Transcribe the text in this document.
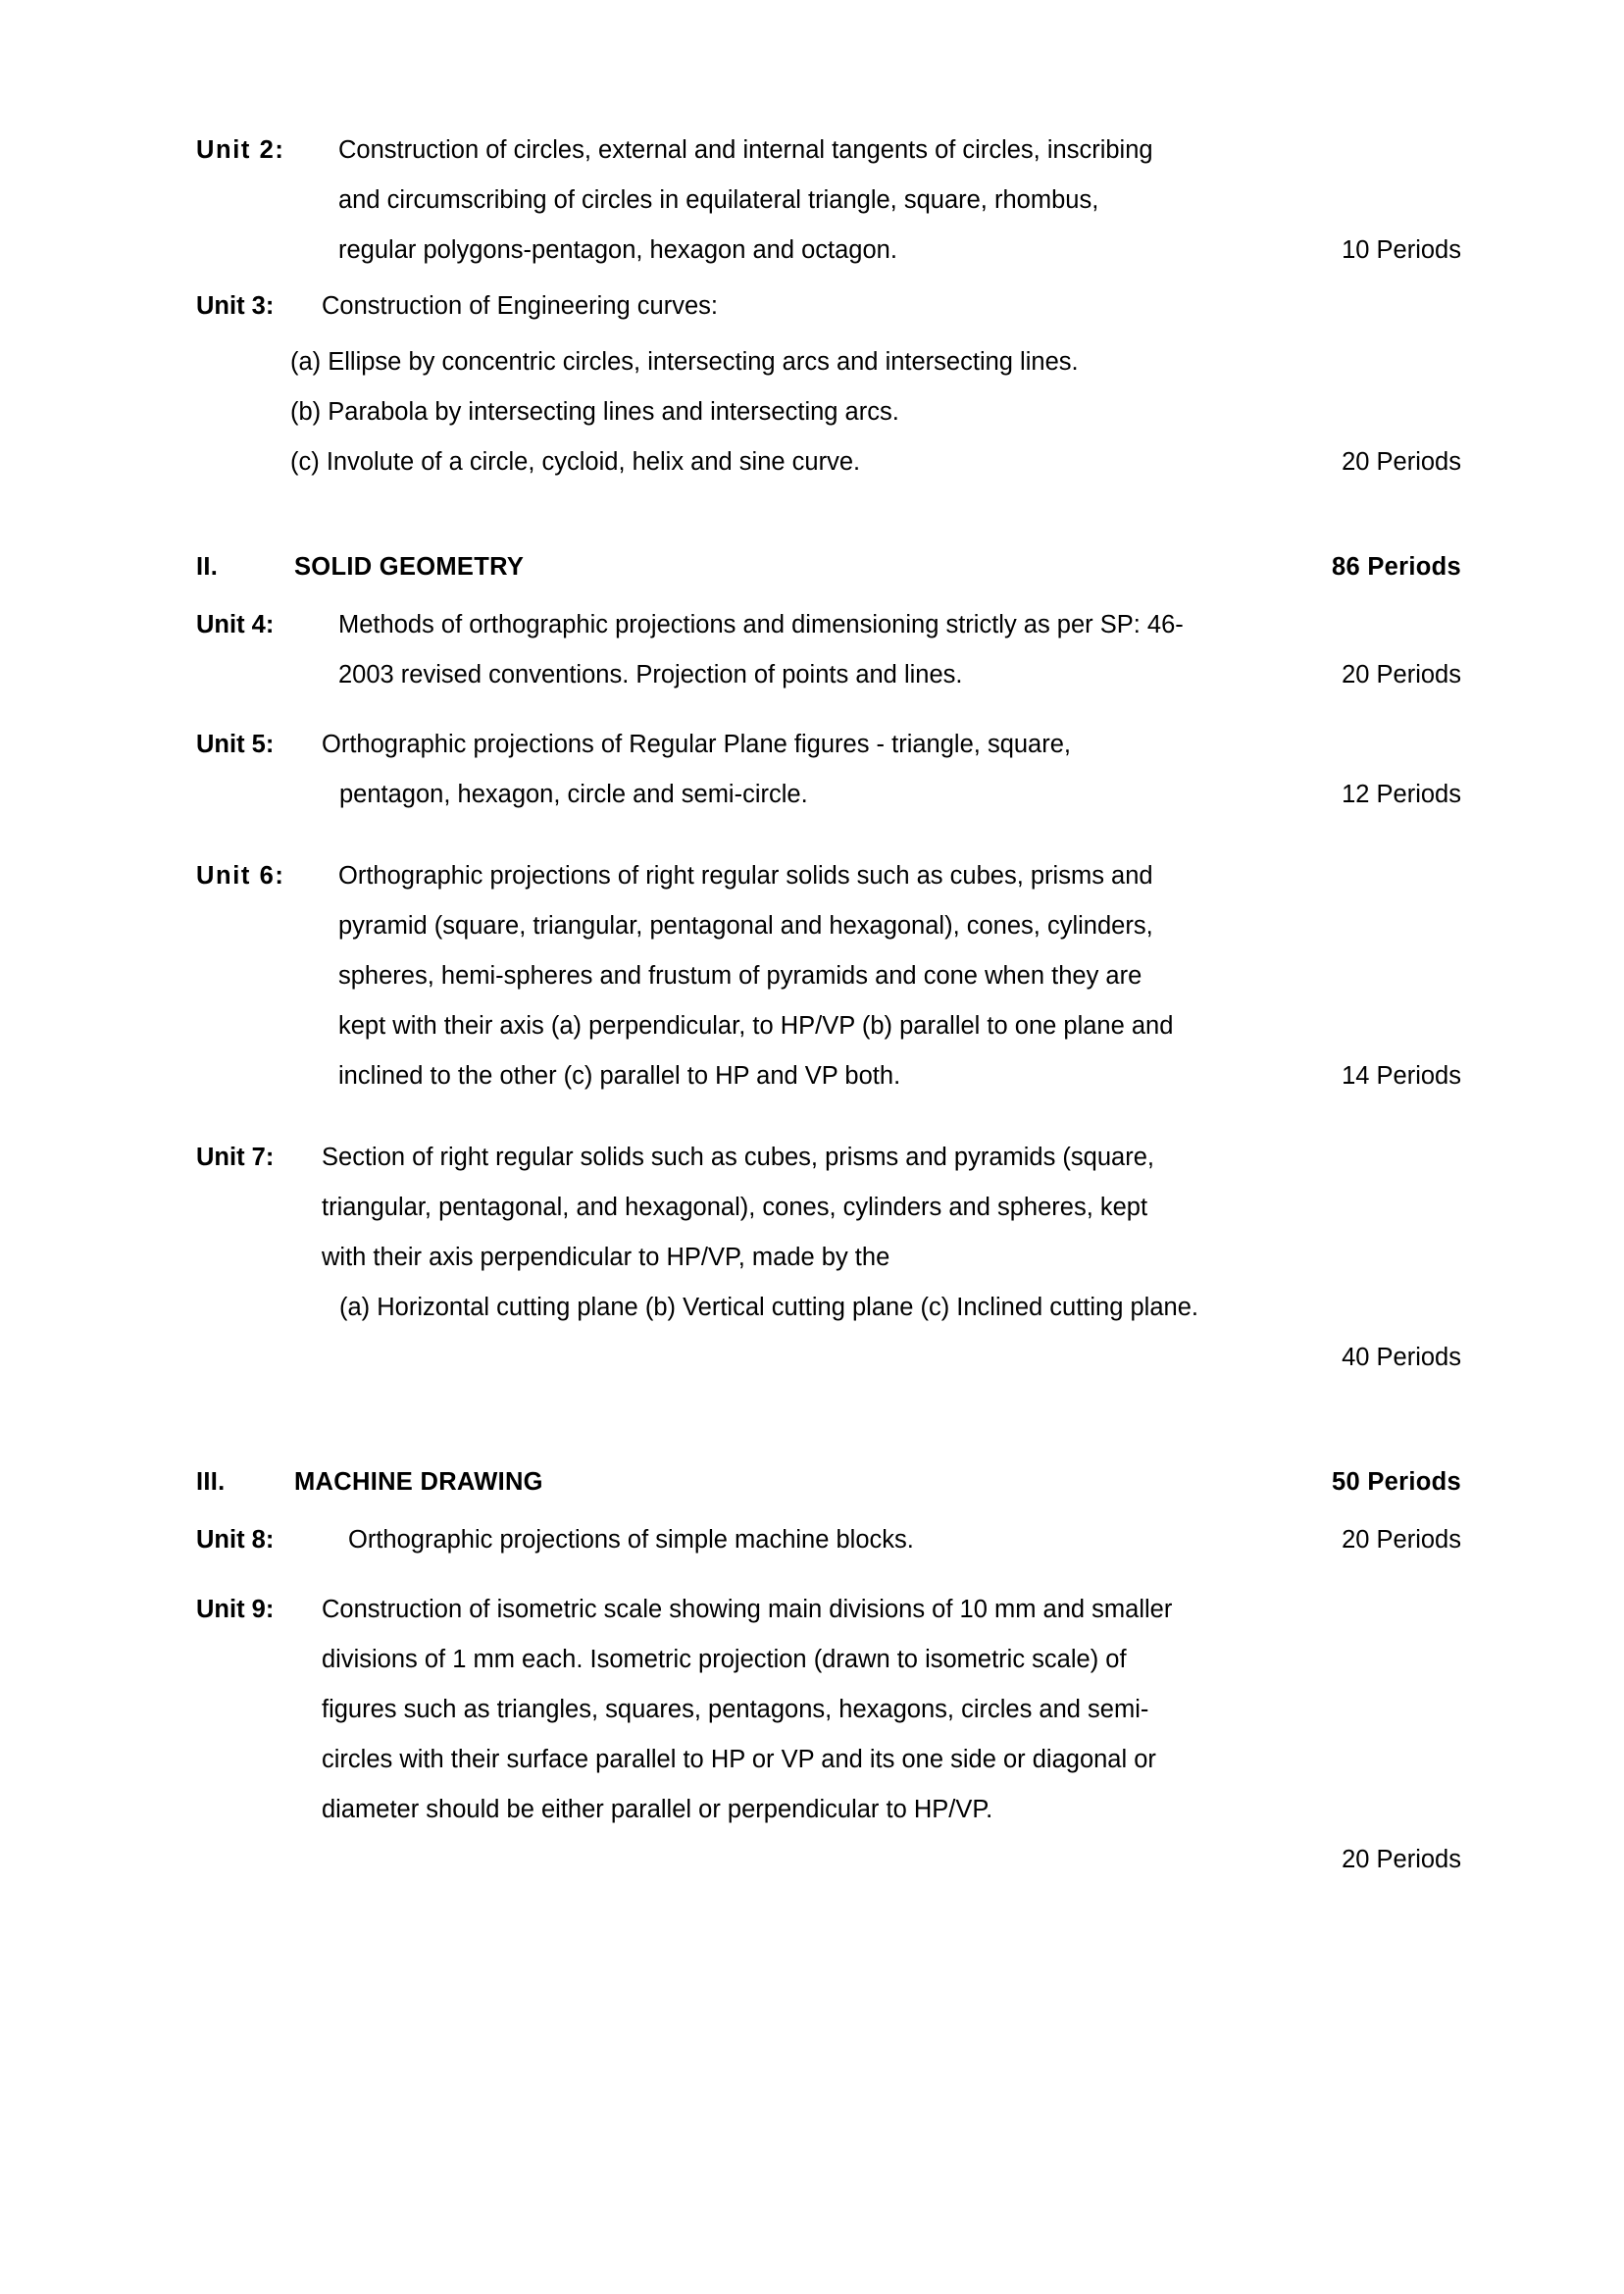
Unit 2:	Construction of circles, external and internal tangents of circles, inscribing
and circumscribing of circles in equilateral triangle, square, rhombus,
regular polygons-pentagon, hexagon and octagon.	10 Periods
Unit 3:	Construction of Engineering curves:
(a) Ellipse by concentric circles, intersecting arcs and intersecting lines.
(b) Parabola by intersecting lines and intersecting arcs.
(c) Involute of a circle, cycloid, helix and sine curve.	20 Periods
II.	SOLID GEOMETRY	86 Periods
Unit 4:	Methods of orthographic projections and dimensioning strictly as per SP: 46-
2003 revised conventions. Projection of points and lines.	20 Periods
Unit 5:	Orthographic projections of Regular Plane figures - triangle, square,
pentagon, hexagon, circle and semi-circle.	12 Periods
Unit 6:	Orthographic projections of right regular solids such as cubes, prisms and
pyramid (square, triangular, pentagonal and hexagonal), cones, cylinders,
spheres, hemi-spheres and frustum of pyramids and cone when they are
kept with their axis (a) perpendicular, to HP/VP (b) parallel to one plane and
inclined to the other (c) parallel to HP and VP both.	14 Periods
Unit 7:	Section of right regular solids such as cubes, prisms and pyramids (square,
triangular, pentagonal, and hexagonal), cones, cylinders and spheres, kept
with their axis perpendicular to HP/VP, made by the
(a) Horizontal cutting plane (b) Vertical cutting plane (c) Inclined cutting plane.
40 Periods
III.	MACHINE DRAWING	50 Periods
Unit 8:	Orthographic projections of simple machine blocks.	20 Periods
Unit 9:	Construction of isometric scale showing main divisions of 10 mm and smaller
divisions of 1 mm each. Isometric projection (drawn to isometric scale) of
figures such as triangles, squares, pentagons, hexagons, circles and semi-
circles with their surface parallel to HP or VP and its one side or diagonal or
diameter should be either parallel or perpendicular to HP/VP.
20 Periods
